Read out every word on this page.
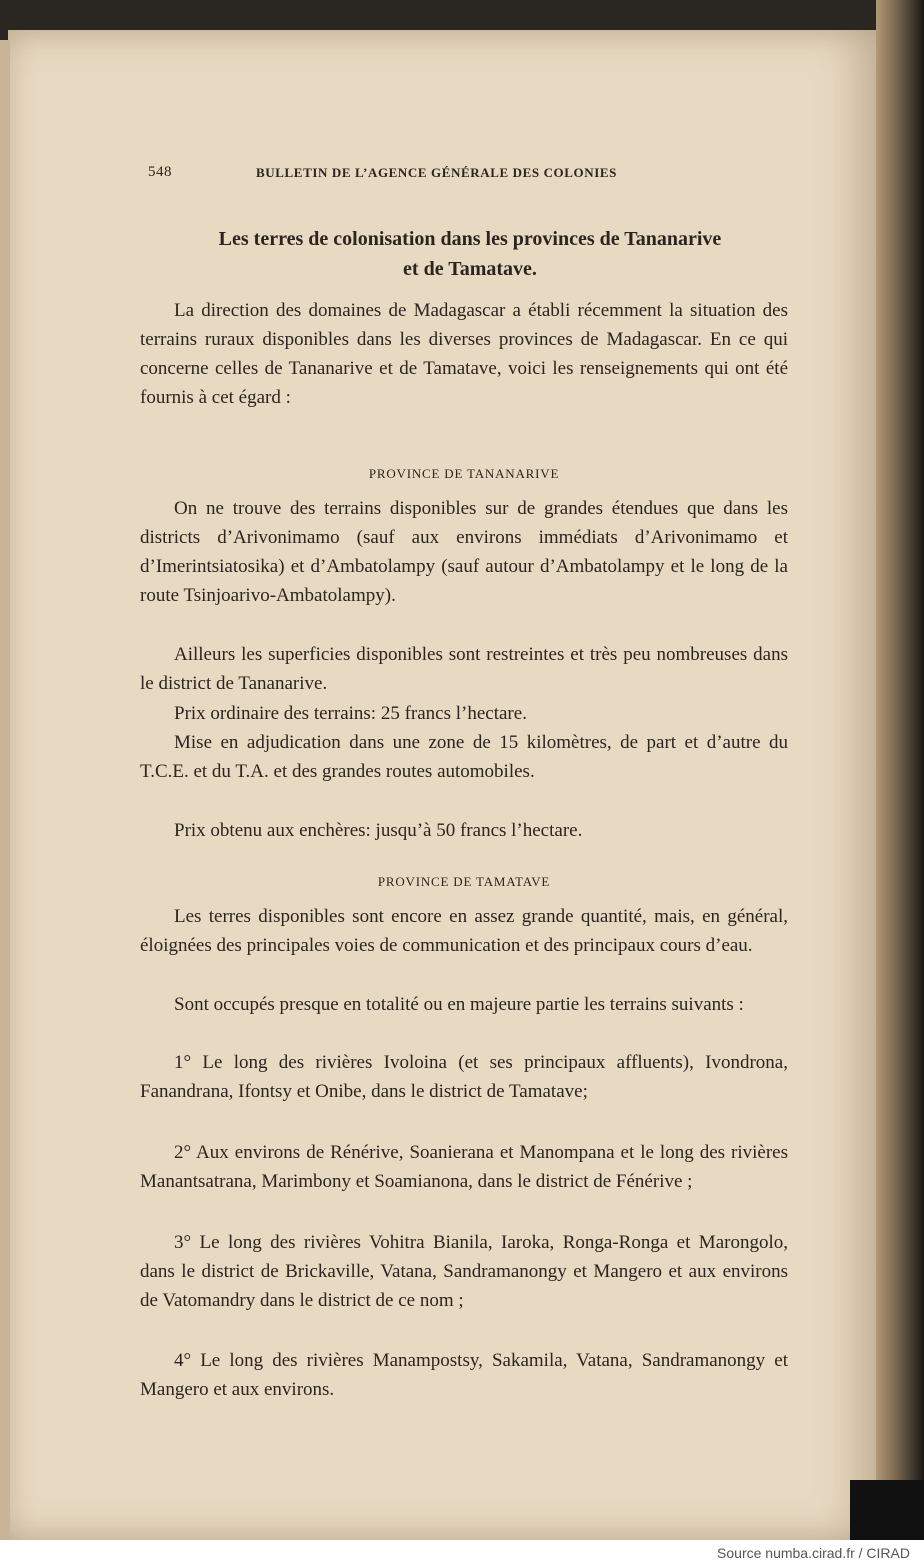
548	BULLETIN DE L’AGENCE GÉNÉRALE DES COLONIES
Les terres de colonisation dans les provinces de Tananarive
et de Tamatave.
La direction des domaines de Madagascar a établi récemment la situation des terrains ruraux disponibles dans les diverses provinces de Madagascar. En ce qui concerne celles de Tananarive et de Tamatave, voici les renseignements qui ont été fournis à cet égard :
PROVINCE DE TANANARIVE
On ne trouve des terrains disponibles sur de grandes étendues que dans les districts d’Arivonimamo (sauf aux environs immédiats d’Arivonimamo et d’Imerintsiatosika) et d’Ambatolampy (sauf autour d’Ambatolampy et le long de la route Tsinjoarivo-Ambatolampy).
Ailleurs les superficies disponibles sont restreintes et très peu nombreuses dans le district de Tananarive.
Prix ordinaire des terrains: 25 francs l’hectare.
Mise en adjudication dans une zone de 15 kilomètres, de part et d’autre du T.C.E. et du T.A. et des grandes routes automobiles.
Prix obtenu aux enchères: jusqu’à 50 francs l’hectare.
PROVINCE DE TAMATAVE
Les terres disponibles sont encore en assez grande quantité, mais, en général, éloignées des principales voies de communication et des principaux cours d’eau.
Sont occupés presque en totalité ou en majeure partie les terrains suivants :
1° Le long des rivières Ivoloina (et ses principaux affluents), Ivondrona, Fanandrana, Ifontsy et Onibe, dans le district de Tamatave;
2° Aux environs de Rénérive, Soanierana et Manompana et le long des rivières Manantsatrana, Marimbony et Soamianona, dans le district de Fénérive ;
3° Le long des rivières Vohitra Bianila, Iaroka, Ronga-Ronga et Marongolo, dans le district de Brickaville, Vatana, Sandramanongy et Mangero et aux environs de Vatomandry dans le district de ce nom ;
4° Le long des rivières Manampostsy, Sakamila, Vatana, Sandramanongy et Mangero et aux environs.
Source numba.cirad.fr / CIRAD
